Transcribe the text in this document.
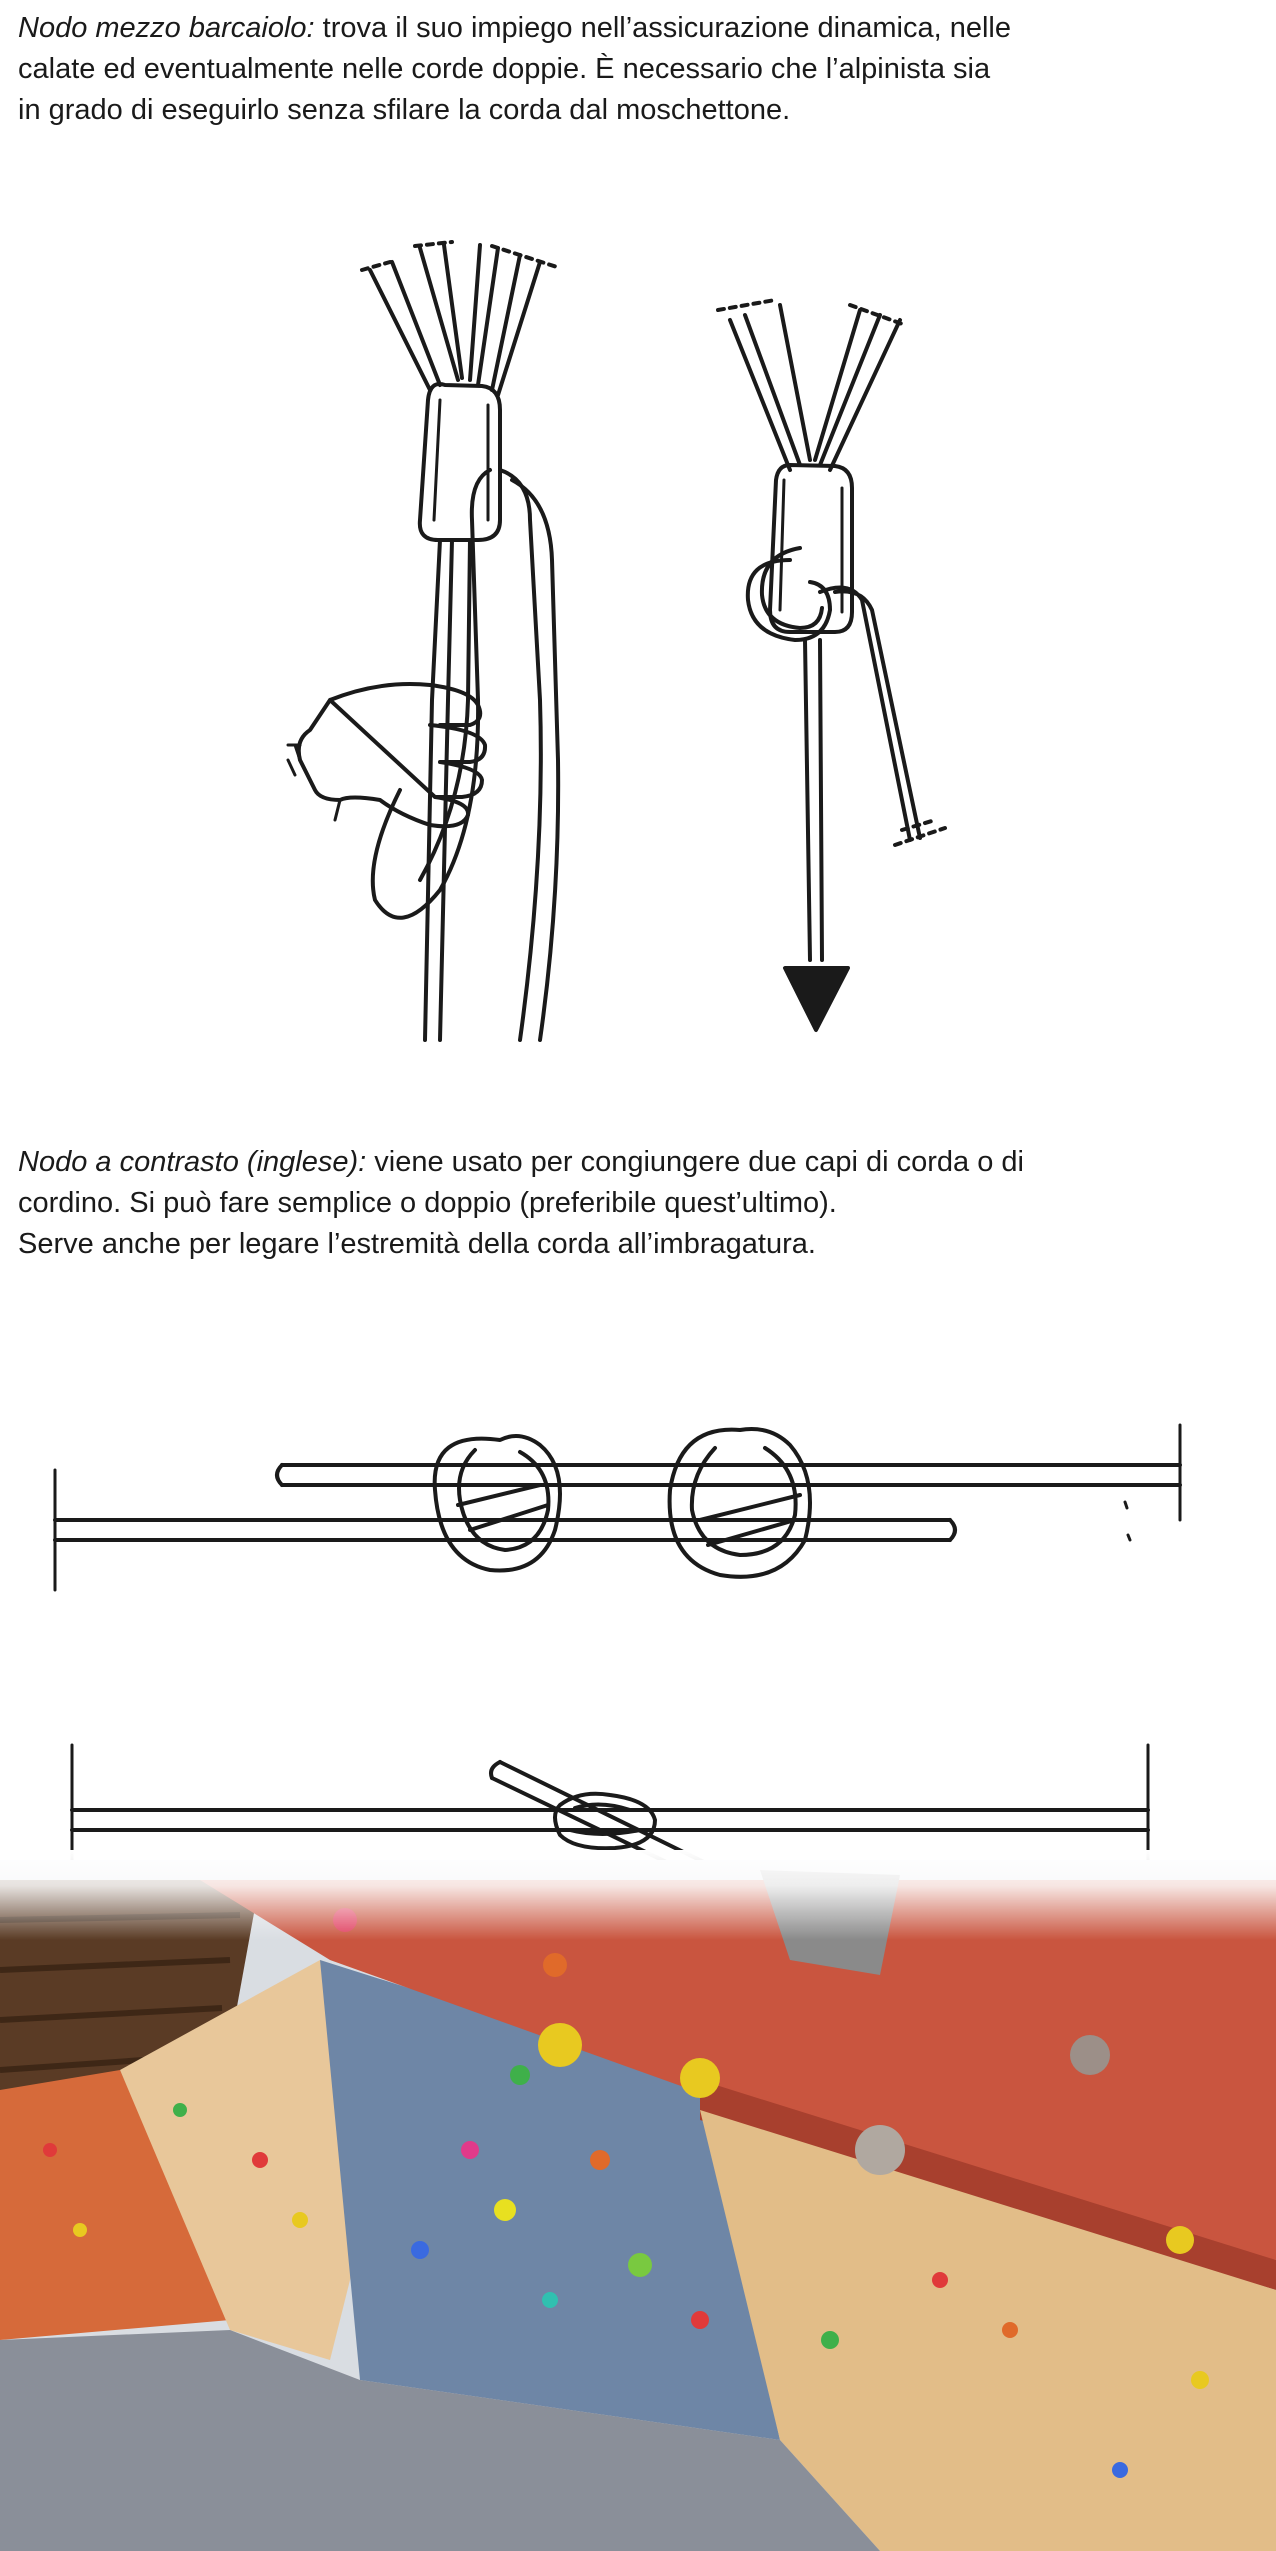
Nodo mezzo barcaiolo: trova il suo impiego nell’assicurazione dinamica, nelle
calate ed eventualmente nelle corde doppie. È necessario che l’alpinista sia
in grado di eseguirlo senza sfilare la corda dal moschettone.

Nodo a contrasto (inglese): viene usato per congiungere due capi di corda o di
cordino. Si può fare semplice o doppio (preferibile quest’ultimo).
Serve anche per legare l’estremità della corda all’imbragatura.
